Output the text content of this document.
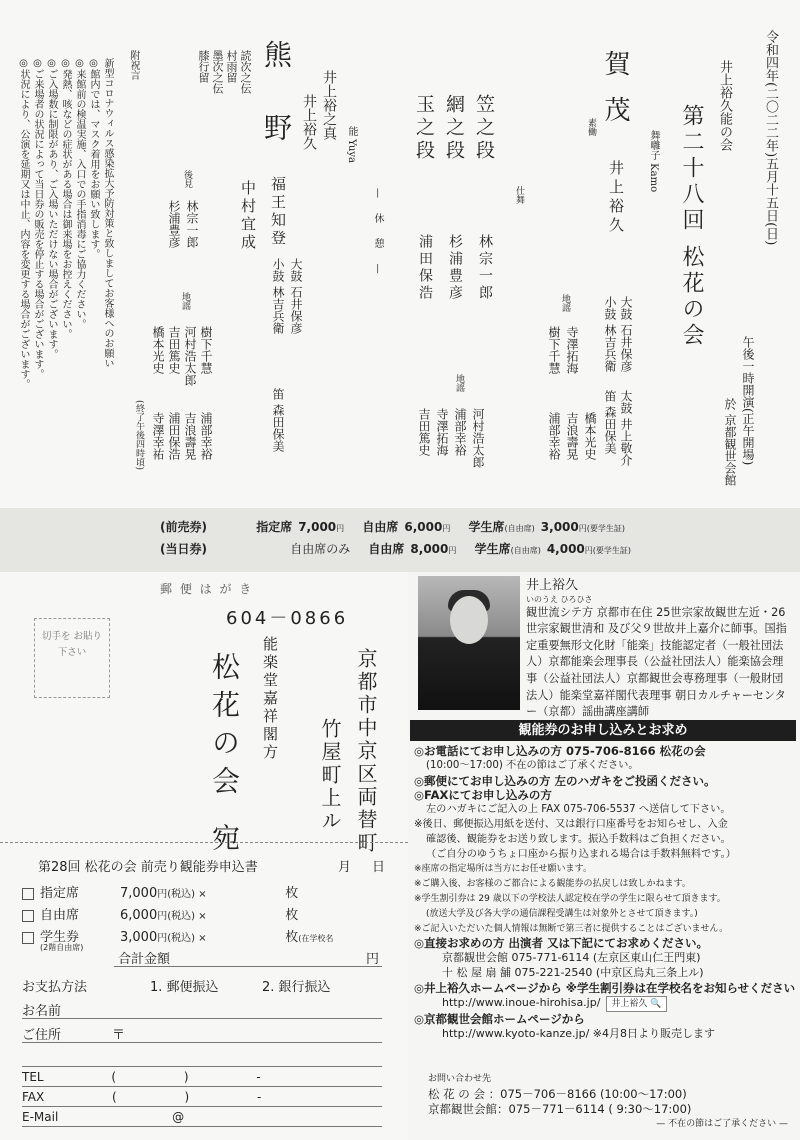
令和四年(二〇二二年)五月十五日(日)
午後一時開演(正午開場)
於 京都観世会館
井上裕久能の会
第二十八回 松花の会
舞囃子 Kamo
賀 茂
素働
井上裕久
大鼓 石井保彦
小鼓 林吉兵衛
太鼓 井上敬介
笛 森田保美
地謡
寺澤拓海
樹下千慧
橋本光史
吉浪壽晃
浦部幸裕
仕舞
笠之段
網之段
玉之段
林宗一郎
杉浦豊彦
浦田保浩
地謡
河村浩太郎
浦部幸裕
寺澤拓海
吉田篤史
— 休 憩 —
能 Yuya
井上裕之真
井上裕久
熊 野
福王知登
中村宜成
読次之伝
村雨留
墨次之伝
膝行留
大鼓 石井保彦
小鼓 林吉兵衛
笛 森田保美
後見
林宗一郎
杉浦豊彦
地謡
樹下千慧
河村浩太郎
吉田篤史
橋本光史
浦部幸裕
吉浪壽晃
浦田保浩
寺澤幸祐
(終了午後四時頃)
附祝言
新型コロナウィルス感染拡大予防対策と致しましてお客様へのお願い
◎館内では、マスク着用をお願い致します。
◎来館前の検温実施、入口での手指消毒にご協力ください。
◎発熱、咳などの症状がある場合は御来場をお控えください。
◎ご入場数に制限があり、ご入場いただけない場合がございます。
◎ご来場者の状況によって当日券の販売を停止する場合がございます。
◎状況により、公演を延期又は中止、内容を変更する場合がございます。
(前売券)	指定席 7,000円 自由席 6,000円 学生席(自由席) 3,000円(要学生証)
(当日券)	自由席のみ 自由席 8,000円 学生席(自由席) 4,000円(要学生証)
郵 便 は が き
604－0866
京都市中京区両替町
竹屋町上ル
能楽堂嘉祥閣方
松花の会 宛
切手を お貼り 下さい
第28回 松花の会 前売り観能券申込書	月 日
指定席	7,000円(税込) ×	枚
自由席	6,000円(税込) ×	枚
学生券	3,000円(税込) ×	枚(在学校名
(2階自由席)
合計金額	円
お支払方法	1. 郵便振込	2. 銀行振込
お名前
ご住所	〒
TEL ( ) ‐
FAX ( ) ‐
E-Mail @
井上裕久
いのうえ ひろひさ
観世流シテ方 京都市在住 25世宗家故観世左近・26世宗家観世清和 及び父９世故井上嘉介に師事。国指定重要無形文化財「能楽」技能認定者（一般社団法人）京都能楽会理事長（公益社団法人）能楽協会理事（公益社団法人）京都観世会専務理事（一般財団法人）能楽堂嘉祥閣代表理事 朝日カルチャーセンター（京都）謡曲講座講師
観能券のお申し込みとお求め
◎お電話にてお申し込みの方 075-706-8166 松花の会
(10:00～17:00) 不在の節はご了承ください。
◎郵便にてお申し込みの方 左のハガキをご投函ください。
◎FAXにてお申し込みの方
左のハガキにご記入の上 FAX 075-706-5537 へ送信して下さい。
※後日、郵便振込用紙を送付、又は銀行口座番号をお知らせし、入金
確認後、観能券をお送り致します。振込手数料はご負担ください。
（ご自分のゆうちょ口座から振り込まれる場合は手数料無料です。）
※座席の指定場所は当方にお任せ願います。
※ご購入後、お客様のご都合による観能券の払戻しは致しかねます。
※学生割引券は 29 歳以下の学校法人認定校在学の学生に限らせて頂きます。
(放送大学及び各大学の通信課程受講生は対象外とさせて頂きます。)
※ご記入いただいた個人情報は無断で第三者に提供することはございません。
◎直接お求めの方 出演者 又は下記にてお求めください。
京都観世会館 075-771-6114 (左京区東山仁王門東)
十 松 屋 扇 舗 075-221-2540 (中京区烏丸三条上ル)
◎井上裕久ホームページから ※学生割引券は在学校名をお知らせください
http://www.inoue-hirohisa.jp/ 井上裕久 🔍
◎京都観世会館ホームページから
http://www.kyoto-kanze.jp/ ※4月8日より販売します
お問い合わせ先
松 花 の 会 ：075－706－8166 (10:00～17:00)
京都観世会館：075－771－6114 ( 9:30～17:00)
— 不在の節はご了承ください —
